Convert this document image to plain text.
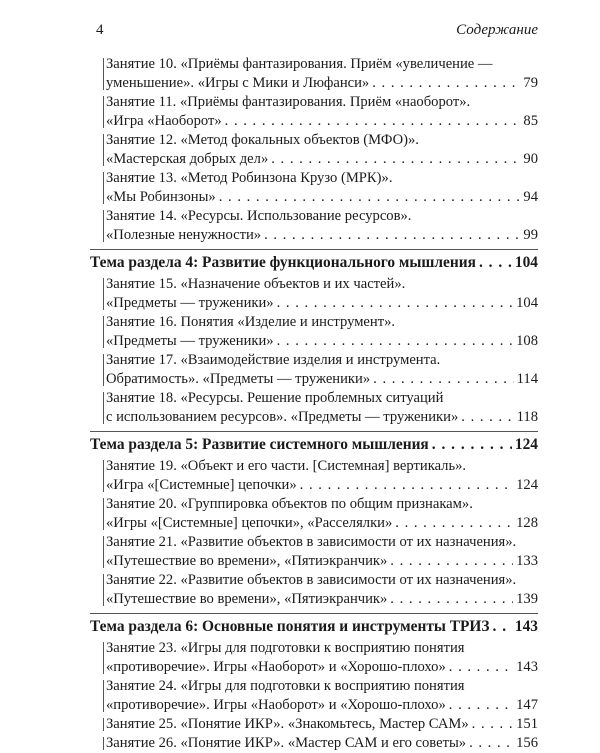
4	Содержание
Занятие 10. «Приёмы фантазирования. Приём «увеличение —
уменьшение». «Игры с Мики и Люфанси» . . .	79
Занятие 11. «Приёмы фантазирования. Приём «наоборот».
«Игра «Наоборот» . . .	85
Занятие 12. «Метод фокальных объектов (МФО)».
«Мастерская добрых дел» . . .	90
Занятие 13. «Метод Робинзона Крузо (МРК)».
«Мы Робинзоны» . . .	94
Занятие 14. «Ресурсы. Использование ресурсов».
«Полезные ненужности» . . .	99
Тема раздела 4: Развитие функционального мышления . . .	104
Занятие 15. «Назначение объектов и их частей».
«Предметы — труженики» . . .	104
Занятие 16. Понятия «Изделие и инструмент».
«Предметы — труженики» . . .	108
Занятие 17. «Взаимодействие изделия и инструмента.
Обратимость». «Предметы — труженики» . . .	114
Занятие 18. «Ресурсы. Решение проблемных ситуаций
с использованием ресурсов». «Предметы — труженики» . . .	118
Тема раздела 5: Развитие системного мышления . . .	124
Занятие 19. «Объект и его части. [Системная] вертикаль».
«Игра «[Системные] цепочки» . . .	124
Занятие 20. «Группировка объектов по общим признакам».
«Игры «[Системные] цепочки», «Расселялки» . . .	128
Занятие 21. «Развитие объектов в зависимости от их назначения».
«Путешествие во времени», «Пятиэкранчик» . . .	133
Занятие 22. «Развитие объектов в зависимости от их назначения».
«Путешествие во времени», «Пятиэкранчик» . . .	139
Тема раздела 6: Основные понятия и инструменты ТРИЗ . . . 143
Занятие 23. «Игры для подготовки к восприятию понятия
«противоречие». Игры «Наоборот» и «Хорошо-плохо» . . .	143
Занятие 24. «Игры для подготовки к восприятию понятия
«противоречие». Игры «Наоборот» и «Хорошо-плохо» . . .	147
Занятие 25. «Понятие ИКР». «Знакомьтесь, Мастер САМ» . . .	151
Занятие 26. «Понятие ИКР». «Мастер САМ и его советы» . . .	156
